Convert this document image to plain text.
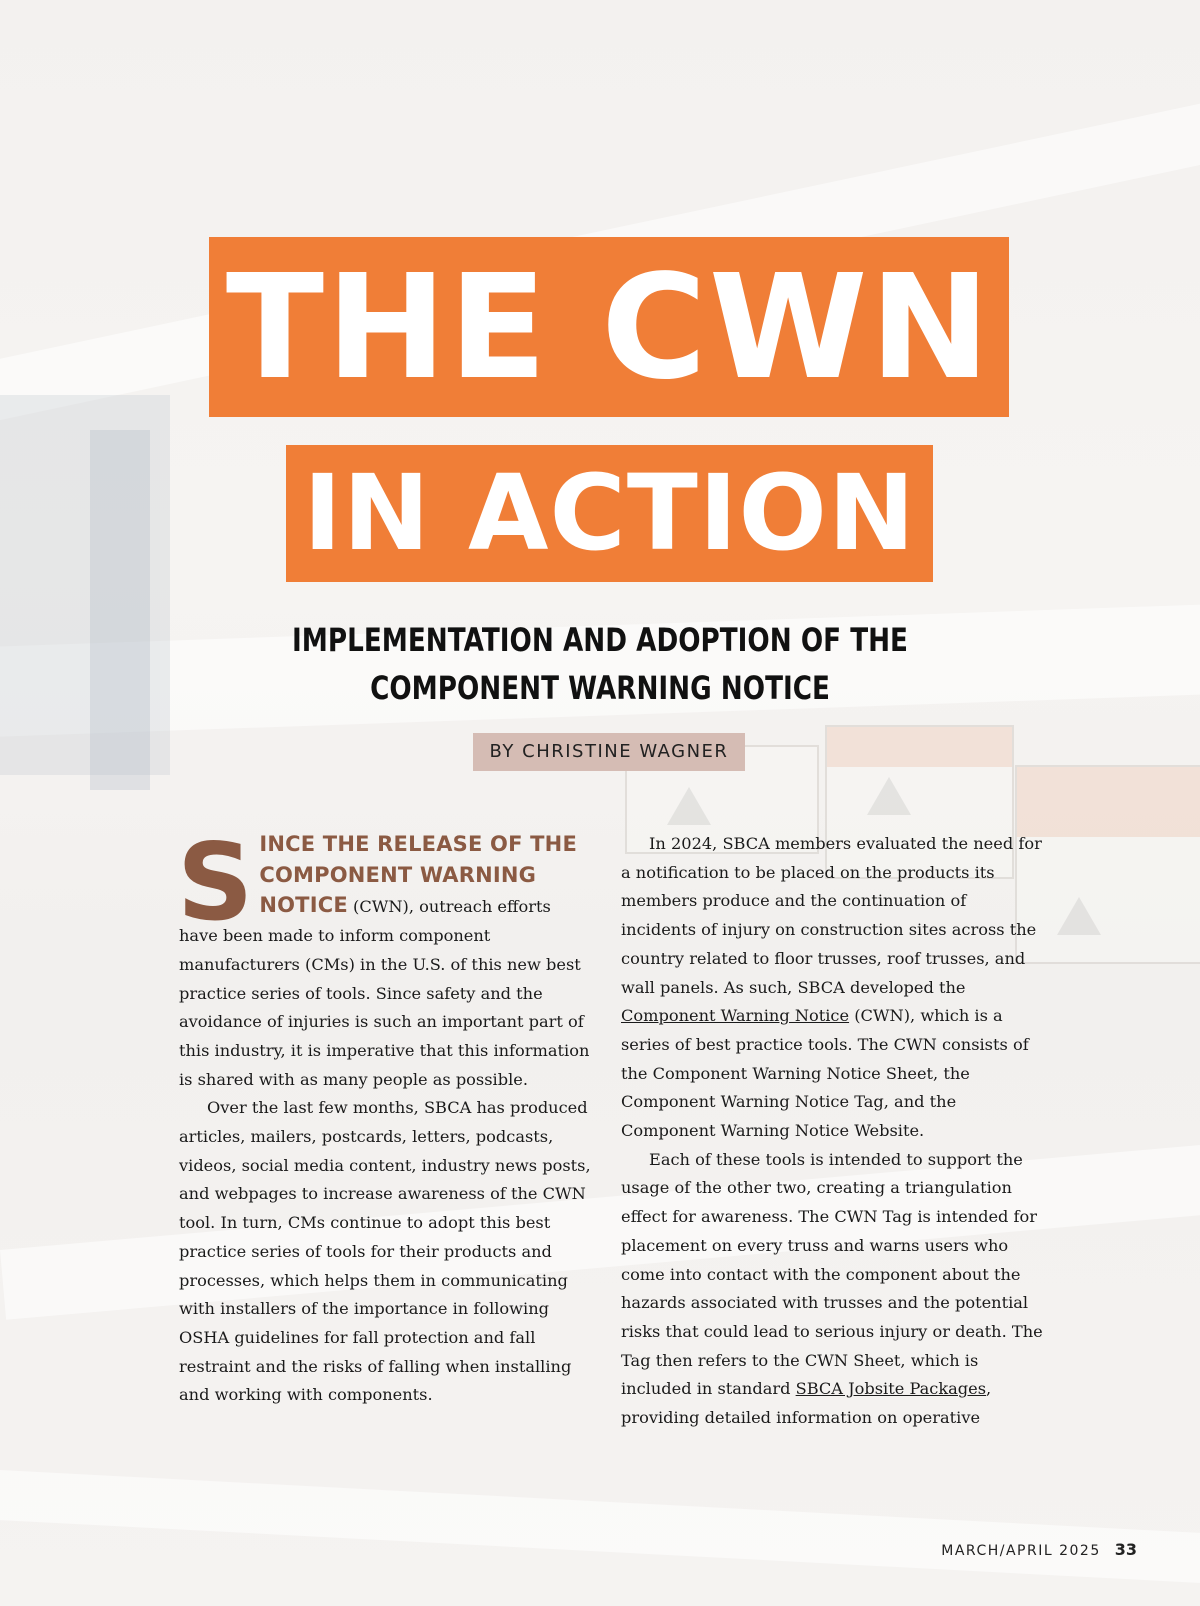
THE CWN
IN ACTION
IMPLEMENTATION AND ADOPTION OF THE
COMPONENT WARNING NOTICE
BY CHRISTINE WAGNER

SINCE THE RELEASE OF THE COMPONENT WARNING NOTICE (CWN), outreach efforts have been made to inform component manufacturers (CMs) in the U.S. of this new best practice series of tools. Since safety and the avoidance of injuries is such an important part of this industry, it is imperative that this information is shared with as many people as possible.

Over the last few months, SBCA has produced articles, mailers, postcards, letters, podcasts, videos, social media content, industry news posts, and webpages to increase awareness of the CWN tool. In turn, CMs continue to adopt this best practice series of tools for their products and processes, which helps them in communicating with installers of the importance in following OSHA guidelines for fall protection and fall restraint and the risks of falling when installing and working with components.

In 2024, SBCA members evaluated the need for a notification to be placed on the products its members produce and the continuation of incidents of injury on construction sites across the country related to floor trusses, roof trusses, and wall panels. As such, SBCA developed the Component Warning Notice (CWN), which is a series of best practice tools. The CWN consists of the Component Warning Notice Sheet, the Component Warning Notice Tag, and the Component Warning Notice Website.

Each of these tools is intended to support the usage of the other two, creating a triangulation effect for awareness. The CWN Tag is intended for placement on every truss and warns users who come into contact with the component about the hazards associated with trusses and the potential risks that could lead to serious injury or death. The Tag then refers to the CWN Sheet, which is included in standard SBCA Jobsite Packages, providing detailed information on operative

MARCH/APRIL 2025 33
